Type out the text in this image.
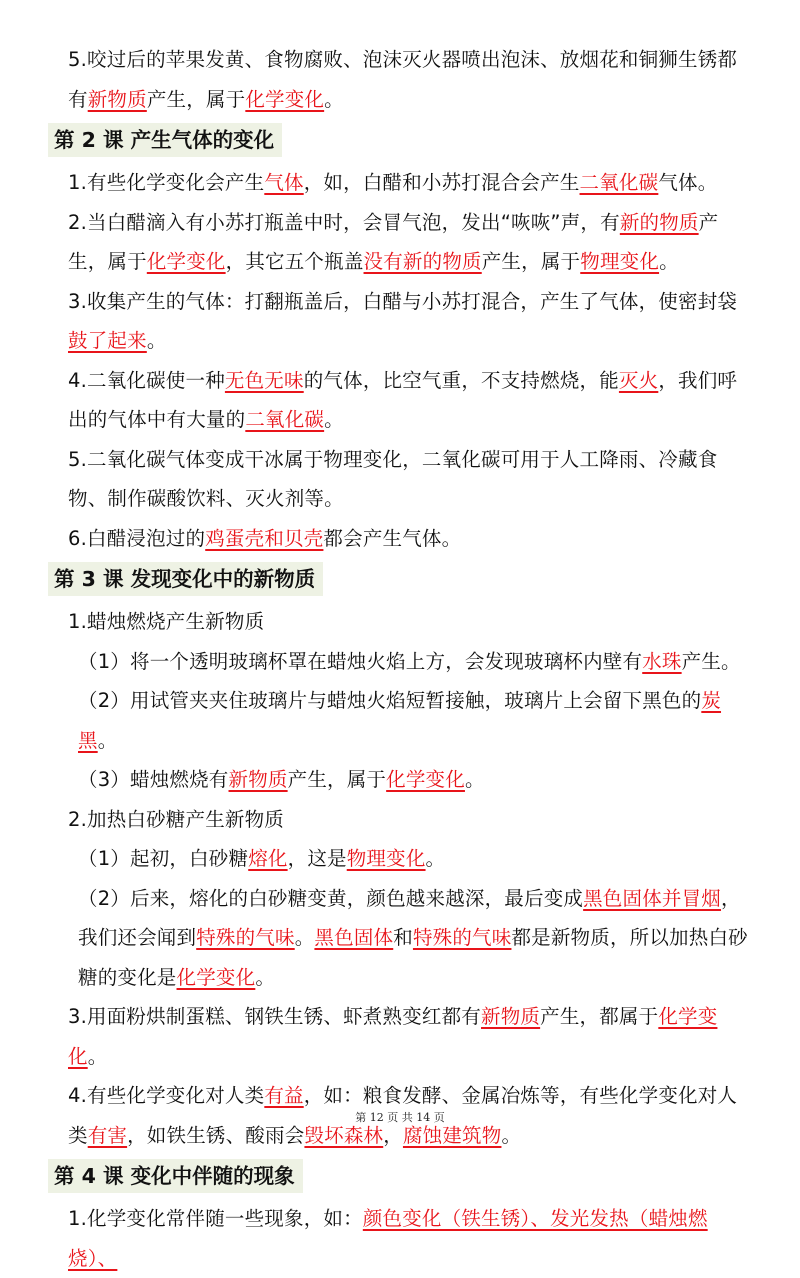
5.咬过后的苹果发黄、食物腐败、泡沫灭火器喷出泡沫、放烟花和铜狮生锈都有新物质产生，属于化学变化。

第 2 课 产生气体的变化

1.有些化学变化会产生气体，如，白醋和小苏打混合会产生二氧化碳气体。

2.当白醋滴入有小苏打瓶盖中时，会冒气泡，发出“咴咴”声，有新的物质产生，属于化学变化，其它五个瓶盖没有新的物质产生，属于物理变化。

3.收集产生的气体：打翻瓶盖后，白醋与小苏打混合，产生了气体，使密封袋鼓了起来。

4.二氧化碳使一种无色无味的气体，比空气重，不支持燃烧，能灭火，我们呼出的气体中有大量的二氧化碳。

5.二氧化碳气体变成干冰属于物理变化，二氧化碳可用于人工降雨、冷藏食物、制作碳酸饮料、灭火剂等。

6.白醋浸泡过的鸡蛋壳和贝壳都会产生气体。

第 3 课 发现变化中的新物质

1.蜡烛燃烧产生新物质

（1）将一个透明玻璃杯罩在蜡烛火焰上方，会发现玻璃杯内壁有水珠产生。

（2）用试管夹夹住玻璃片与蜡烛火焰短暂接触，玻璃片上会留下黑色的炭黑。

（3）蜡烛燃烧有新物质产生，属于化学变化。

2.加热白砂糖产生新物质

（1）起初，白砂糖熔化，这是物理变化。

（2）后来，熔化的白砂糖变黄，颜色越来越深，最后变成黑色固体并冒烟，我们还会闻到特殊的气味。黑色固体和特殊的气味都是新物质，所以加热白砂糖的变化是化学变化。

3.用面粉烘制蛋糕、钢铁生锈、虾煮熟变红都有新物质产生，都属于化学变化。

4.有些化学变化对人类有益，如：粮食发酵、金属冶炼等，有些化学变化对人类有害，如铁生锈、酸雨会毁坏森林，腐蚀建筑物。

第 4 课 变化中伴随的现象

1.化学变化常伴随一些现象，如：颜色变化（铁生锈）、发光发热（蜡烛燃烧）、

第 12 页 共 14 页
